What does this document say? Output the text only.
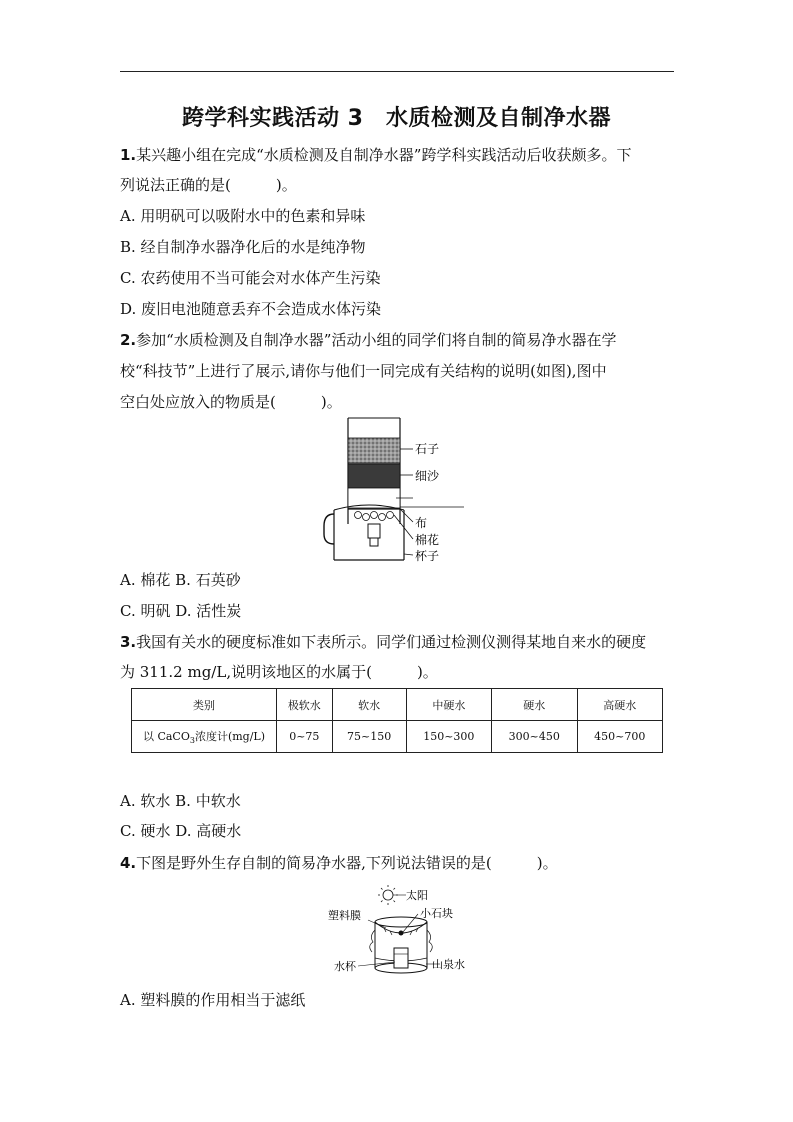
跨学科实践活动 3　水质检测及自制净水器
1.某兴趣小组在完成“水质检测及自制净水器”跨学科实践活动后收获颇多。下
列说法正确的是(　　　)。
A. 用明矾可以吸附水中的色素和异味
B. 经自制净水器净化后的水是纯净物
C. 农药使用不当可能会对水体产生污染
D. 废旧电池随意丢弃不会造成水体污染
2.参加“水质检测及自制净水器”活动小组的同学们将自制的简易净水器在学
校“科技节”上进行了展示,请你与他们一同完成有关结构的说明(如图),图中
空白处应放入的物质是(　　　)。
石子
细沙
布
棉花
杯子
A. 棉花 B. 石英砂
C. 明矾 D. 活性炭
3.我国有关水的硬度标准如下表所示。同学们通过检测仪测得某地自来水的硬度
为 311.2 mg/L,说明该地区的水属于(　　　)。
类别	极软水	软水	中硬水	硬水	高硬水
以 CaCO$_3$浓度计(mg/L)	0~75	75~150	150~300	300~450	450~700
A. 软水 B. 中软水
C. 硬水 D. 高硬水
4.下图是野外生存自制的简易净水器,下列说法错误的是(　　　)。
太阳
塑料膜	小石块
水杯	山泉水
A. 塑料膜的作用相当于滤纸
